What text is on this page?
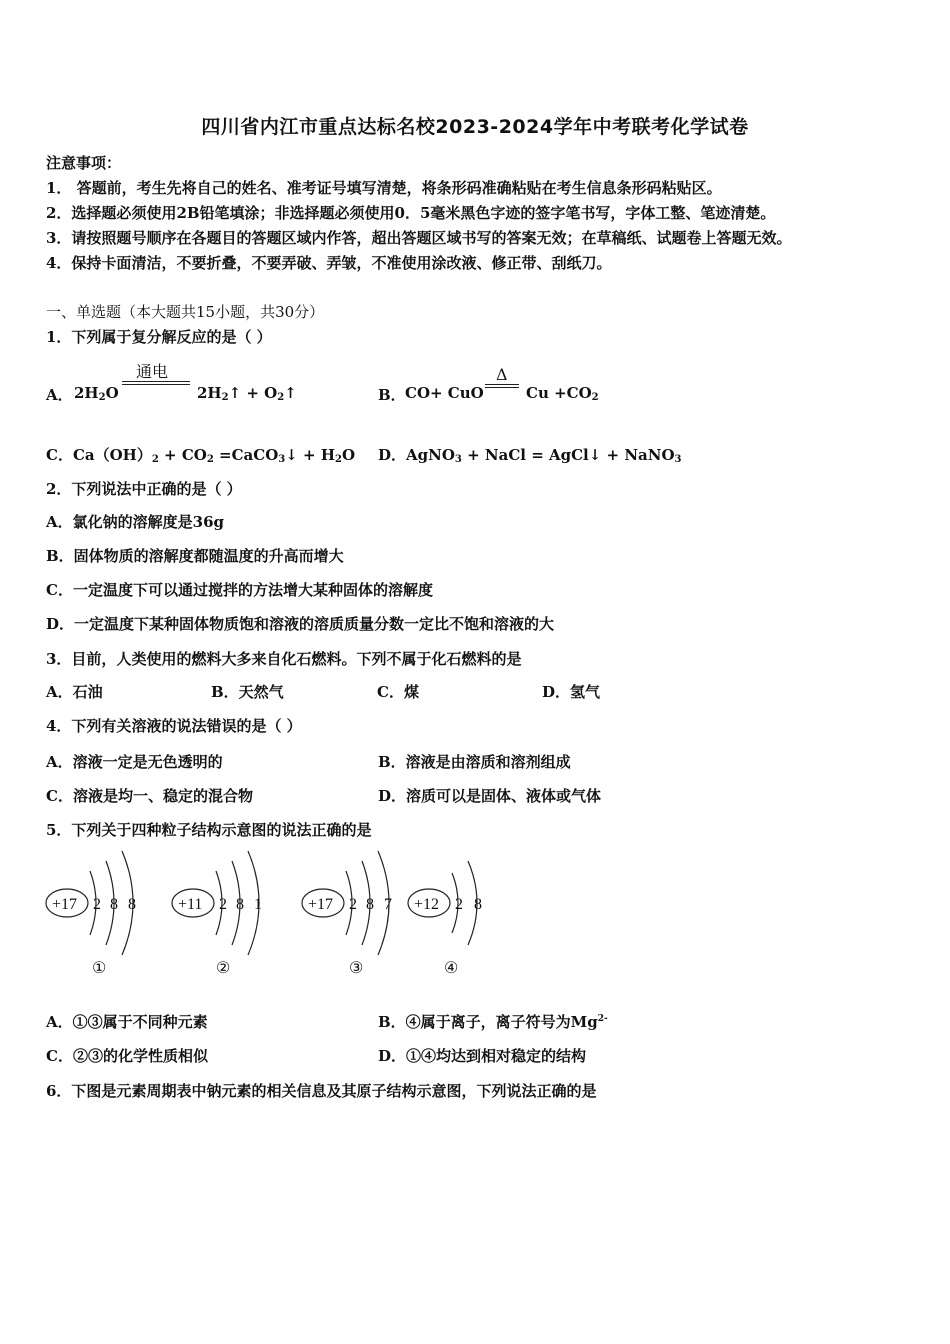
四川省内江市重点达标名校2023-2024学年中考联考化学试卷
注意事项：
1． 答题前，考生先将自己的姓名、准考证号填写清楚，将条形码准确粘贴在考生信息条形码粘贴区。
2．选择题必须使用2B铅笔填涂；非选择题必须使用0．5毫米黑色字迹的签字笔书写，字体工整、笔迹清楚。
3．请按照题号顺序在各题目的答题区域内作答，超出答题区域书写的答案无效；在草稿纸、试题卷上答题无效。
4．保持卡面清洁，不要折叠，不要弄破、弄皱，不准使用涂改液、修正带、刮纸刀。
一、单选题（本大题共15小题，共30分）
1．下列属于复分解反应的是（ ）
A． $2H_2O$
通电
$2H_2↑$ + $O_2↑$	B． CO+ CuO
Δ
$Cu +CO_2$
C．$Ca(OH)_2 + CO_2$ =CaCO$_3$↓ + $H_2O$ D．AgNO$_3$ + NaCl = AgCl↓ + NaNO$_3$
2．下列说法中正确的是（ ）
A．氯化钠的溶解度是36g
B．固体物质的溶解度都随温度的升高而增大
C．一定温度下可以通过搅拌的方法增大某种固体的溶解度
D．一定温度下某种固体物质饱和溶液的溶质质量分数一定比不饱和溶液的大
3．目前，人类使用的燃料大多来自化石燃料。下列不属于化石燃料的是
A．石油	B．天然气	C．煤	D．氢气
4．下列有关溶液的说法错误的是（ ）
A．溶液一定是无色透明的	B．溶液是由溶质和溶剂组成
C．溶液是均一、稳定的混合物	D．溶质可以是固体、液体或气体
5．下列关于四种粒子结构示意图的说法正确的是
+17 2 8 8
①
+11 2 8 1
②
+17 2 8 7
③
+12 2 8
④
A．①③属于不同种元素	B．④属于离子，离子符号为$Mg^{2-}$
C．②③的化学性质相似	D．①④均达到相对稳定的结构
6．下图是元素周期表中钠元素的相关信息及其原子结构示意图，下列说法正确的是
